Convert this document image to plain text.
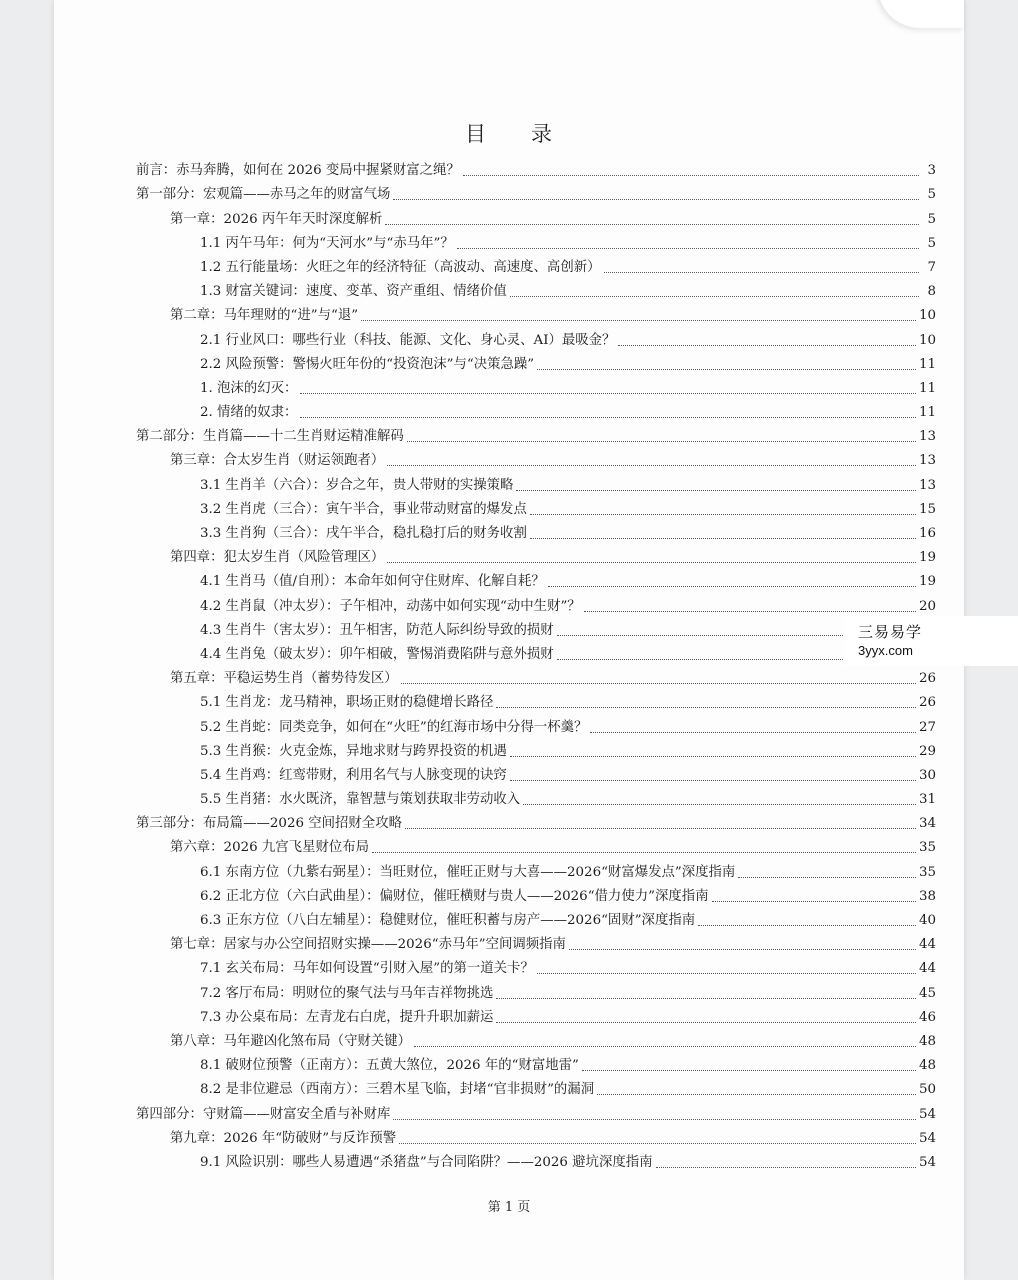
目 录
前言：赤马奔腾，如何在 2026 变局中握紧财富之绳？	3
第一部分：宏观篇——赤马之年的财富气场	5
第一章：2026 丙午年天时深度解析	5
1.1 丙午马年：何为“天河水”与“赤马年”？	5
1.2 五行能量场：火旺之年的经济特征（高波动、高速度、高创新）	7
1.3 财富关键词：速度、变革、资产重组、情绪价值	8
第二章：马年理财的“进”与“退”	10
2.1 行业风口：哪些行业（科技、能源、文化、身心灵、AI）最吸金？	10
2.2 风险预警：警惕火旺年份的“投资泡沫”与“决策急躁”	11
1. 泡沫的幻灭：	11
2. 情绪的奴隶：	11
第二部分：生肖篇——十二生肖财运精准解码	13
第三章：合太岁生肖（财运领跑者）	13
3.1 生肖羊（六合）：岁合之年，贵人带财的实操策略	13
3.2 生肖虎（三合）：寅午半合，事业带动财富的爆发点	15
3.3 生肖狗（三合）：戌午半合，稳扎稳打后的财务收割	16
第四章：犯太岁生肖（风险管理区）	19
4.1 生肖马（值/自刑）：本命年如何守住财库、化解自耗？	19
4.2 生肖鼠（冲太岁）：子午相冲，动荡中如何实现“动中生财”？	20
4.3 生肖牛（害太岁）：丑午相害，防范人际纠纷导致的损财
4.4 生肖兔（破太岁）：卯午相破，警惕消费陷阱与意外损财
第五章：平稳运势生肖（蓄势待发区）	26
5.1 生肖龙：龙马精神，职场正财的稳健增长路径	26
5.2 生肖蛇：同类竞争，如何在“火旺”的红海市场中分得一杯羹？	27
5.3 生肖猴：火克金炼，异地求财与跨界投资的机遇	29
5.4 生肖鸡：红鸾带财，利用名气与人脉变现的诀窍	30
5.5 生肖猪：水火既济，靠智慧与策划获取非劳动收入	31
第三部分：布局篇——2026 空间招财全攻略	34
第六章：2026 九宫飞星财位布局	35
6.1 东南方位（九紫右弼星）：当旺财位，催旺正财与大喜——2026“财富爆发点”深度指南	35
6.2 正北方位（六白武曲星）：偏财位，催旺横财与贵人——2026“借力使力”深度指南	38
6.3 正东方位（八白左辅星）：稳健财位，催旺积蓄与房产——2026“固财”深度指南	40
第七章：居家与办公空间招财实操——2026“赤马年”空间调频指南	44
7.1 玄关布局：马年如何设置“引财入屋”的第一道关卡？	44
7.2 客厅布局：明财位的聚气法与马年吉祥物挑选	45
7.3 办公桌布局：左青龙右白虎，提升升职加薪运	46
第八章：马年避凶化煞布局（守财关键）	48
8.1 破财位预警（正南方）：五黄大煞位，2026 年的“财富地雷”	48
8.2 是非位避忌（西南方）：三碧木星飞临，封堵“官非损财”的漏洞	50
第四部分：守财篇——财富安全盾与补财库	54
第九章：2026 年“防破财”与反诈预警	54
9.1 风险识别：哪些人易遭遇“杀猪盘”与合同陷阱？——2026 避坑深度指南	54
第 1 页
三易易学
3yyx.com
